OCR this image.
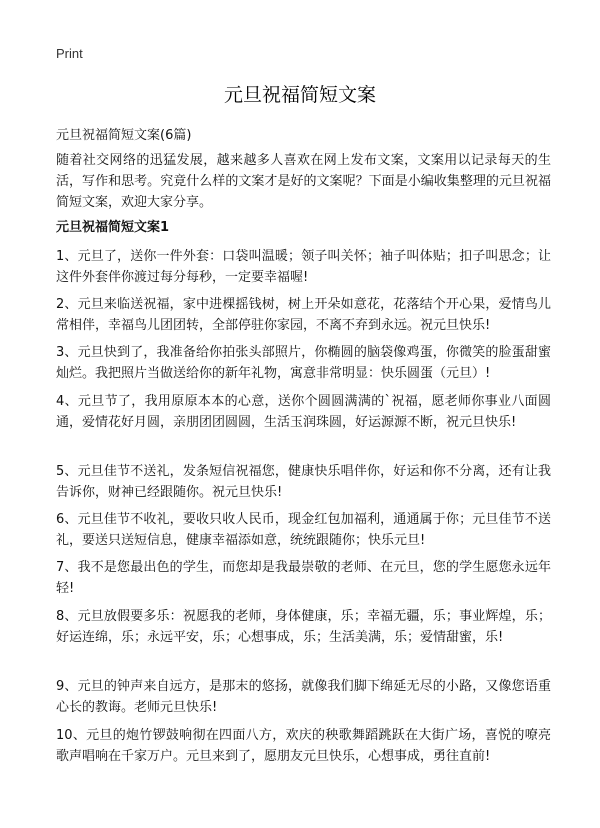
Print
元旦祝福简短文案

元旦祝福简短文案(6篇)

随着社交网络的迅猛发展，越来越多人喜欢在网上发布文案，文案用以记录每天的生活，写作和思考。究竟什么样的文案才是好的文案呢？下面是小编收集整理的元旦祝福简短文案，欢迎大家分享。

元旦祝福简短文案1

1、元旦了，送你一件外套：口袋叫温暖；领子叫关怀；袖子叫体贴；扣子叫思念；让这件外套伴你渡过每分每秒，一定要幸福喔!

2、元旦来临送祝福，家中进棵摇钱树，树上开朵如意花，花落结个开心果，爱情鸟儿常相伴，幸福鸟儿团团转，全部停驻你家园，不离不弃到永远。祝元旦快乐!

3、元旦快到了，我准备给你拍张头部照片，你椭圆的脑袋像鸡蛋，你微笑的脸蛋甜蜜灿烂。我把照片当做送给你的新年礼物，寓意非常明显：快乐圆蛋（元旦）!

4、元旦节了，我用原原本本的心意，送你个圆圆满满的`祝福，愿老师你事业八面圆通，爱情花好月圆，亲朋团团圆圆，生活玉润珠圆，好运源源不断，祝元旦快乐!

5、元旦佳节不送礼，发条短信祝福您，健康快乐唱伴你，好运和你不分离，还有让我告诉你，财神已经跟随你。祝元旦快乐!

6、元旦佳节不收礼，要收只收人民币，现金红包加福利，通通属于你；元旦佳节不送礼，要送只送短信息，健康幸福添如意，统统跟随你；快乐元旦!

7、我不是您最出色的学生，而您却是我最崇敬的老师、在元旦，您的学生愿您永远年轻!

8、元旦放假要多乐：祝愿我的老师，身体健康，乐；幸福无疆，乐；事业辉煌，乐；好运连绵，乐；永远平安，乐；心想事成，乐；生活美满，乐；爱情甜蜜，乐!

9、元旦的钟声来自远方，是那末的悠扬，就像我们脚下绵延无尽的小路，又像您语重心长的教诲。老师元旦快乐!

10、元旦的炮竹锣鼓响彻在四面八方，欢庆的秧歌舞蹈跳跃在大街广场，喜悦的嘹亮歌声唱响在千家万户。元旦来到了，愿朋友元旦快乐，心想事成，勇往直前!
